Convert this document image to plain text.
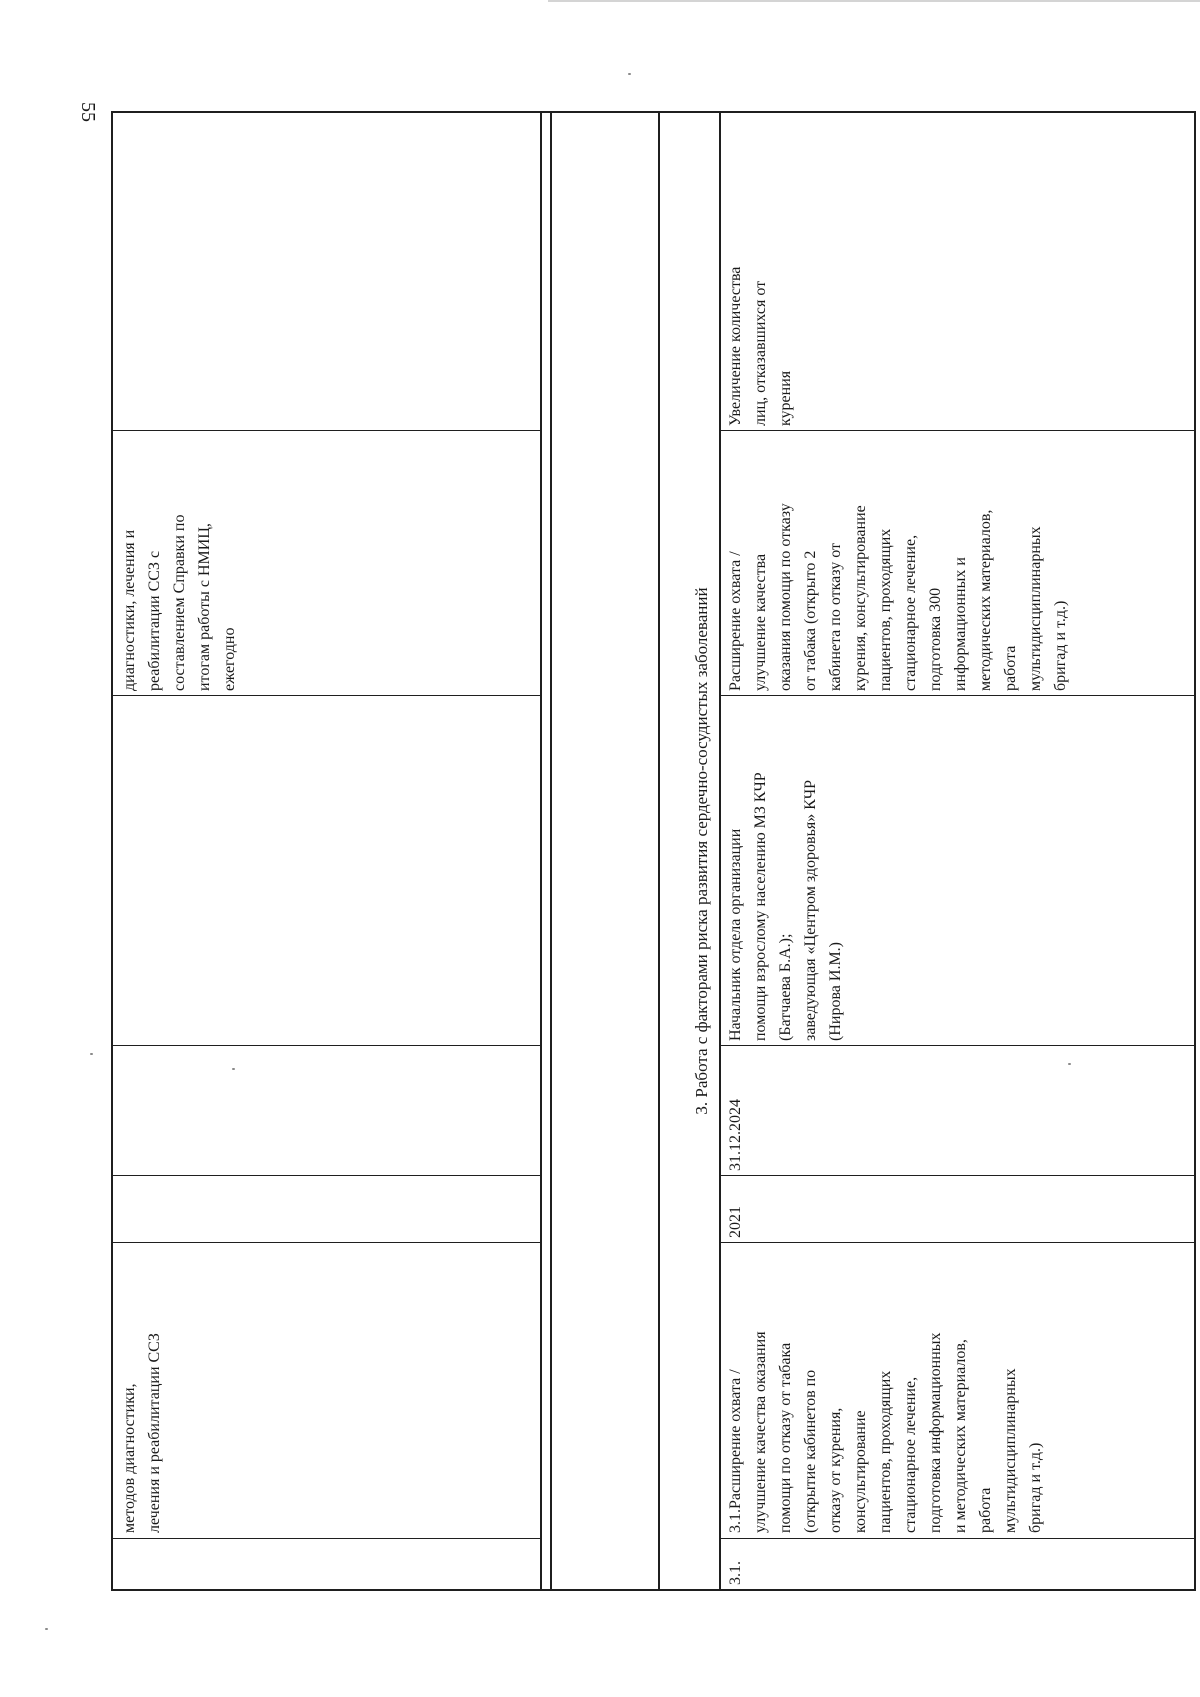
55
методов диагностики, лечения и реабилитации ССЗ
диагностики, лечения и реабилитации ССЗ с составлением Справки по итогам работы с НМИЦ, ежегодно	3. Работа с факторами риска развития сердечно-сосудистых заболеваний
3.1.
3.1.Расширение охвата / улучшение качества оказания помощи по отказу от табака (открытие кабинетов по отказу от курения, консультирование пациентов, проходящих стационарное лечение, подготовка информационных и методических материалов, работа мультидисциплинарных бригад и т.д.)
2021
31.12.2024
Начальник отдела организации помощи взрослому населению МЗ КЧР (Батчаева Б.А.); заведующая «Центром здоровья» КЧР (Нирова И.М.)
Расширение охвата / улучшение качества оказания помощи по отказу от табака (открыто 2 кабинета по отказу от курения, консультирование пациентов, проходящих стационарное лечение, подготовка 300 информационных и методических материалов, работа мультидисциплинарных бригад и т.д.)
Увеличение количества лиц, отказавшихся от курения
